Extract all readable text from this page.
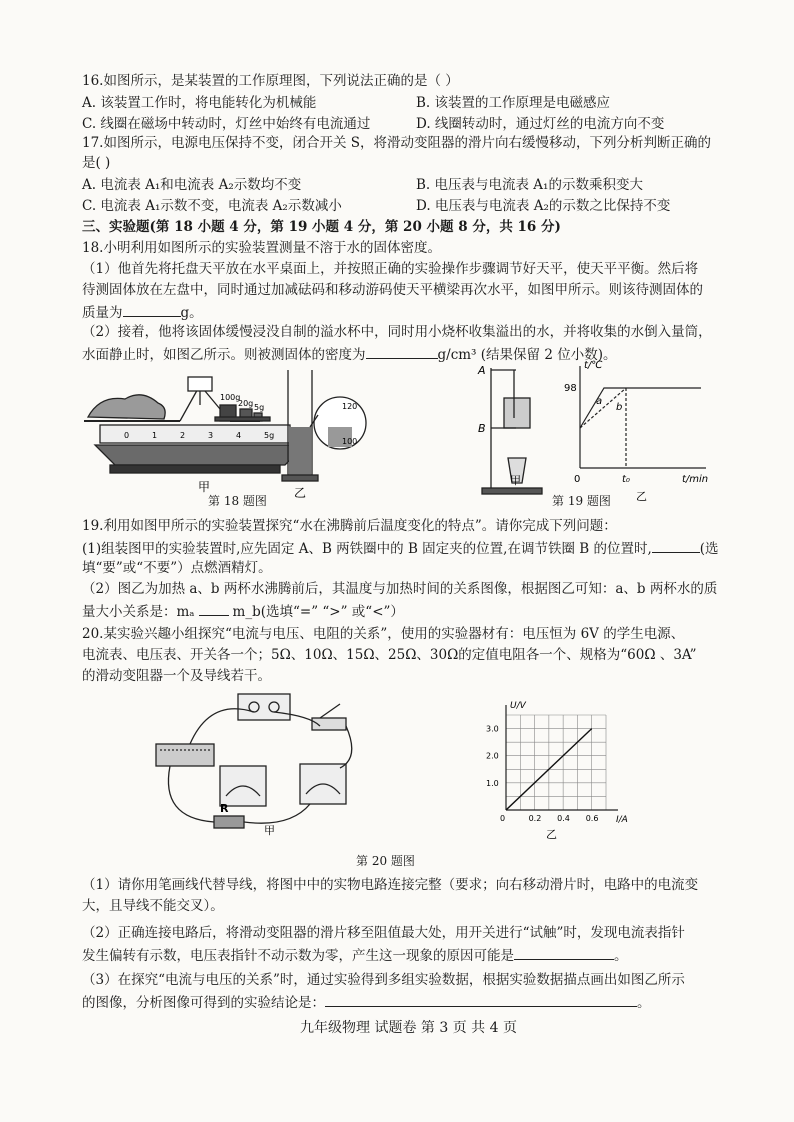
16.如图所示，是某装置的工作原理图，下列说法正确的是（ ）
A. 该装置工作时，将电能转化为机械能	B. 该装置的工作原理是电磁感应
C. 线圈在磁场中转动时，灯丝中始终有电流通过	D. 线圈转动时，通过灯丝的电流方向不变
17.如图所示，电源电压保持不变，闭合开关 S，将滑动变阻器的滑片向右缓慢移动，下列分析判断正确的
是( )
A. 电流表 A₁和电流表 A₂示数均不变	B. 电压表与电流表 A₁的示数乘积变大
C. 电流表 A₁示数不变，电流表 A₂示数减小	D. 电压表与电流表 A₂的示数之比保持不变
三、实验题(第 18 小题 4 分，第 19 小题 4 分，第 20 小题 8 分，共 16 分)
18.小明利用如图所示的实验装置测量不溶于水的固体密度。
（1）他首先将托盘天平放在水平桌面上，并按照正确的实验操作步骤调节好天平，使天平平衡。然后将
待测固体放在左盘中，同时通过加减砝码和移动游码使天平横梁再次水平，如图甲所示。则该待测固体的
质量为	g。
（2）接着，他将该固体缓慢浸没自制的溢水杯中，同时用小烧杯收集溢出的水，并将收集的水倒入量筒，
水面静止时，如图乙所示。则被测固体的密度为	g/cm³ (结果保留 2 位小数)。
0	1	2	3	4	5g
100g
20g 5g
甲
120
100
乙
第 18 题图
A
B
甲
t/℃
t/min
98
0	t₀
a
b
乙
第 19 题图
19.利用如图甲所示的实验装置探究“水在沸腾前后温度变化的特点”。请你完成下列问题：
(1)组装图甲的实验装置时,应先固定 A、B 两铁圈中的 B 固定夹的位置,在调节铁圈 B 的位置时,	(选
填“要”或“不要”）点燃酒精灯。
（2）图乙为加热 a、b 两杯水沸腾前后，其温度与加热时间的关系图像，根据图乙可知：a、b 两杯水的质
量大小关系是：mₐ	m_b(选填“=” “>” 或“<”）
20.某实验兴趣小组探究“电流与电压、电阻的关系”，使用的实验器材有：电压恒为 6V 的学生电源、
电流表、电压表、开关各一个；5Ω、10Ω、15Ω、25Ω、30Ω的定值电阻各一个、规格为“60Ω 、3A”
的滑动变阻器一个及导线若干。
R
甲
U/V
I/A
0	0.2 0.4 0.6
1.0
2.0
3.0
乙
第 20 题图
（1）请你用笔画线代替导线，将图中中的实物电路连接完整（要求；向右移动滑片时，电路中的电流变
大，且导线不能交叉）。
（2）正确连接电路后，将滑动变阻器的滑片移至阻值最大处，用开关进行“试触”时，发现电流表指针
发生偏转有示数，电压表指针不动示数为零，产生这一现象的原因可能是	。
（3）在探究“电流与电压的关系”时，通过实验得到多组实验数据，根据实验数据描点画出如图乙所示
的图像，分析图像可得到的实验结论是：	。
九年级物理 试题卷 第 3 页 共 4 页
